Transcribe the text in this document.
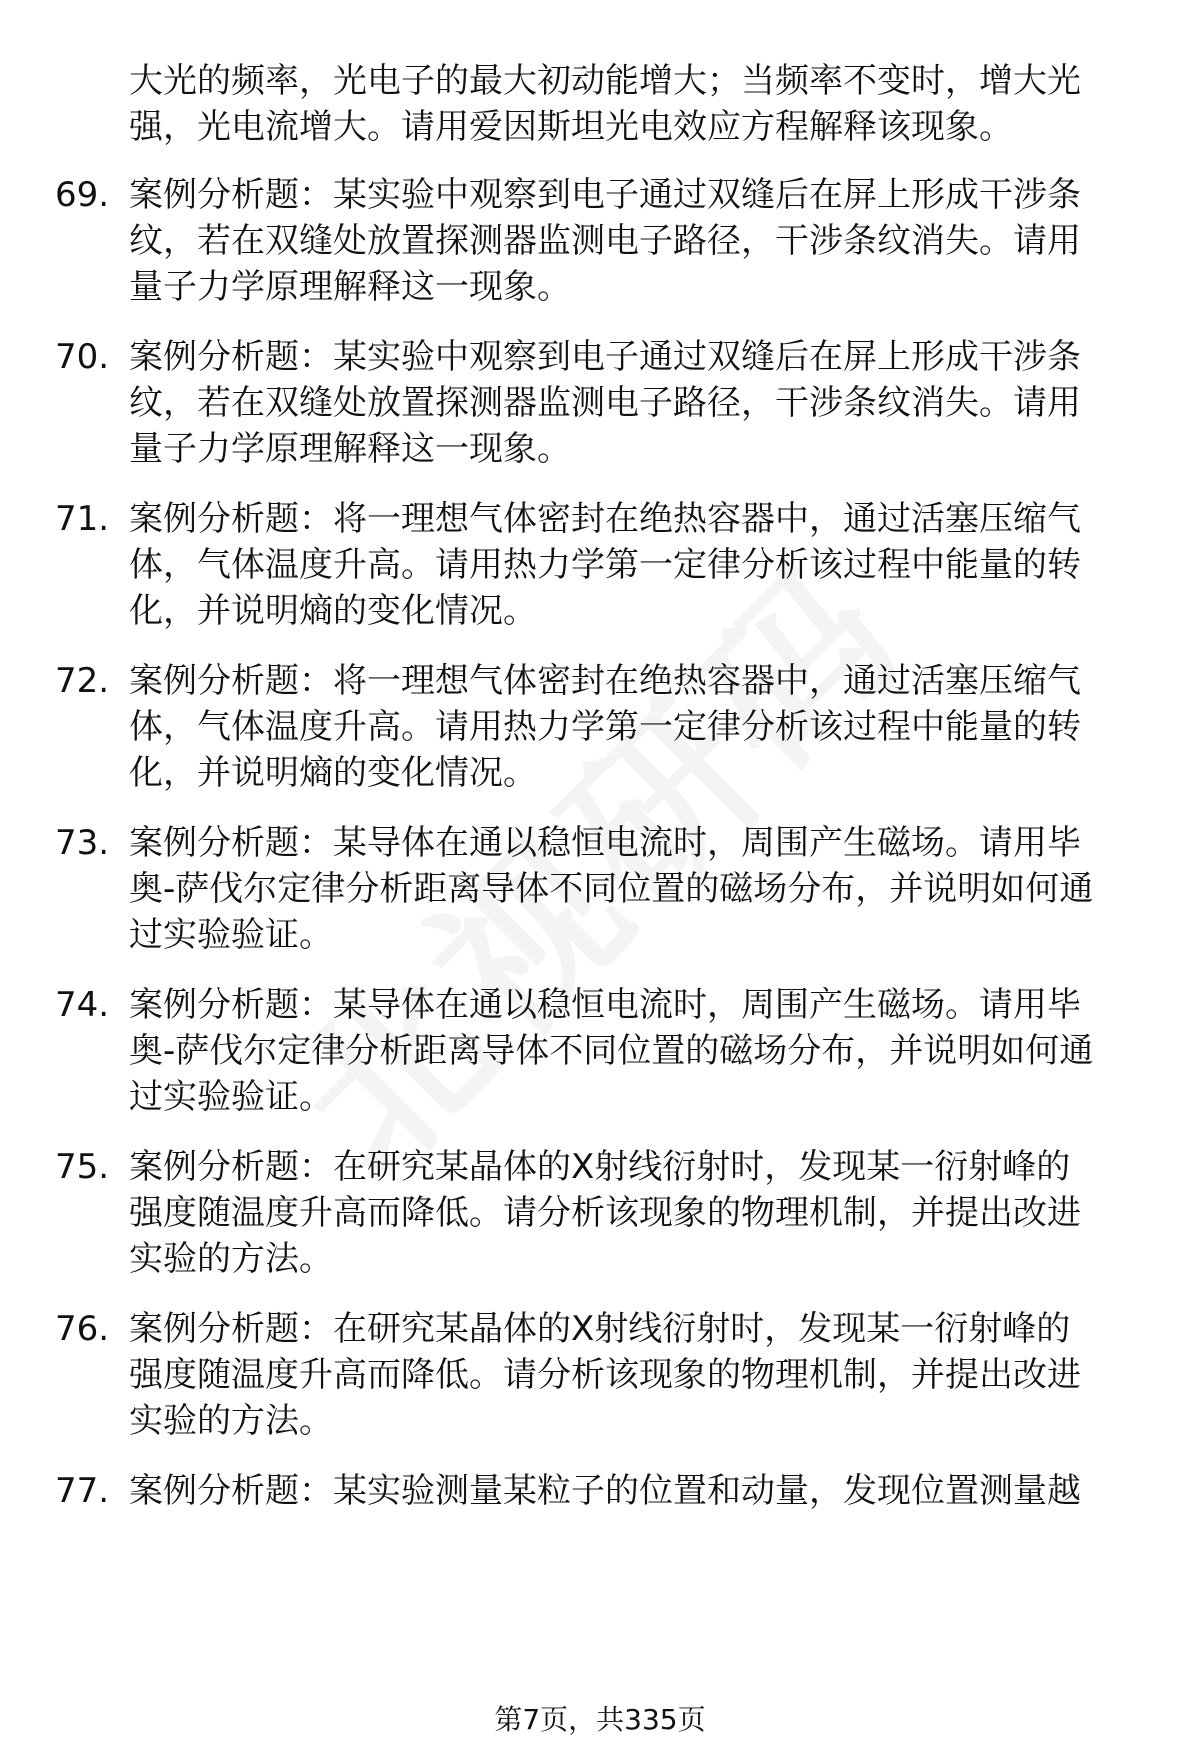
大光的频率，光电子的最大初动能增大；当频率不变时，增大光
强，光电流增大。请用爱因斯坦光电效应方程解释该现象。
69. 案例分析题：某实验中观察到电子通过双缝后在屏上形成干涉条
纹，若在双缝处放置探测器监测电子路径，干涉条纹消失。请用
量子力学原理解释这一现象。
70. 案例分析题：某实验中观察到电子通过双缝后在屏上形成干涉条
纹，若在双缝处放置探测器监测电子路径，干涉条纹消失。请用
量子力学原理解释这一现象。
71. 案例分析题：将一理想气体密封在绝热容器中，通过活塞压缩气
体，气体温度升高。请用热力学第一定律分析该过程中能量的转
化，并说明熵的变化情况。
72. 案例分析题：将一理想气体密封在绝热容器中，通过活塞压缩气
体，气体温度升高。请用热力学第一定律分析该过程中能量的转
化，并说明熵的变化情况。
73. 案例分析题：某导体在通以稳恒电流时，周围产生磁场。请用毕
奥-萨伐尔定律分析距离导体不同位置的磁场分布，并说明如何通
过实验验证。
74. 案例分析题：某导体在通以稳恒电流时，周围产生磁场。请用毕
奥-萨伐尔定律分析距离导体不同位置的磁场分布，并说明如何通
过实验验证。
75. 案例分析题：在研究某晶体的X射线衍射时，发现某一衍射峰的
强度随温度升高而降低。请分析该现象的物理机制，并提出改进
实验的方法。
76. 案例分析题：在研究某晶体的X射线衍射时，发现某一衍射峰的
强度随温度升高而降低。请分析该现象的物理机制，并提出改进
实验的方法。
77. 案例分析题：某实验测量某粒子的位置和动量，发现位置测量越
第7页，共335页
